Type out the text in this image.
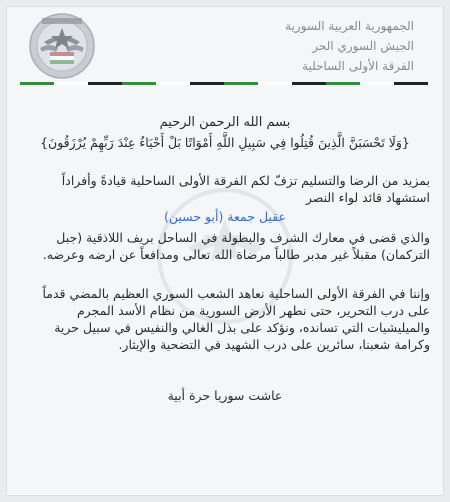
الجمهورية العربية السورية
الجيش السوري الحر
الفرقة الأولى الساحلية
بسم الله الرحمن الرحيم
{وَلَا تَحْسَبَنَّ الَّذِينَ قُتِلُوا فِي سَبِيلِ اللَّهِ أَمْوَاتًا بَلْ أَحْيَاءٌ عِنْدَ رَبِّهِمْ يُرْزَقُونَ}

بمزيد من الرضا والتسليم تزفّ لكم الفرقة الأولى الساحلية قيادةً وأفراداً استشهاد قائد لواء النصر

عقيل جمعة (أبو حسين)

والذي قضى في معارك الشرف والبطولة في الساحل بريف اللاذقية (جبل التركمان) مقبلاً غير مدبر طالباً مرضاة الله تعالى ومدافعاً عن ارضه وعرضه.

وإننا في الفرقة الأولى الساحلية نعاهد الشعب السوري العظيم بالمضي قدماً على درب التحرير، حتى نطهر الأرض السورية من نظام الأسد المجرم والميليشيات التي تسانده، ونؤكد على بذل الغالي والنفيس في سبيل حرية وكرامة شعبنا، سائرين على درب الشهيد في التضحية والإيثار.

عاشت سوريا حرة أبية
